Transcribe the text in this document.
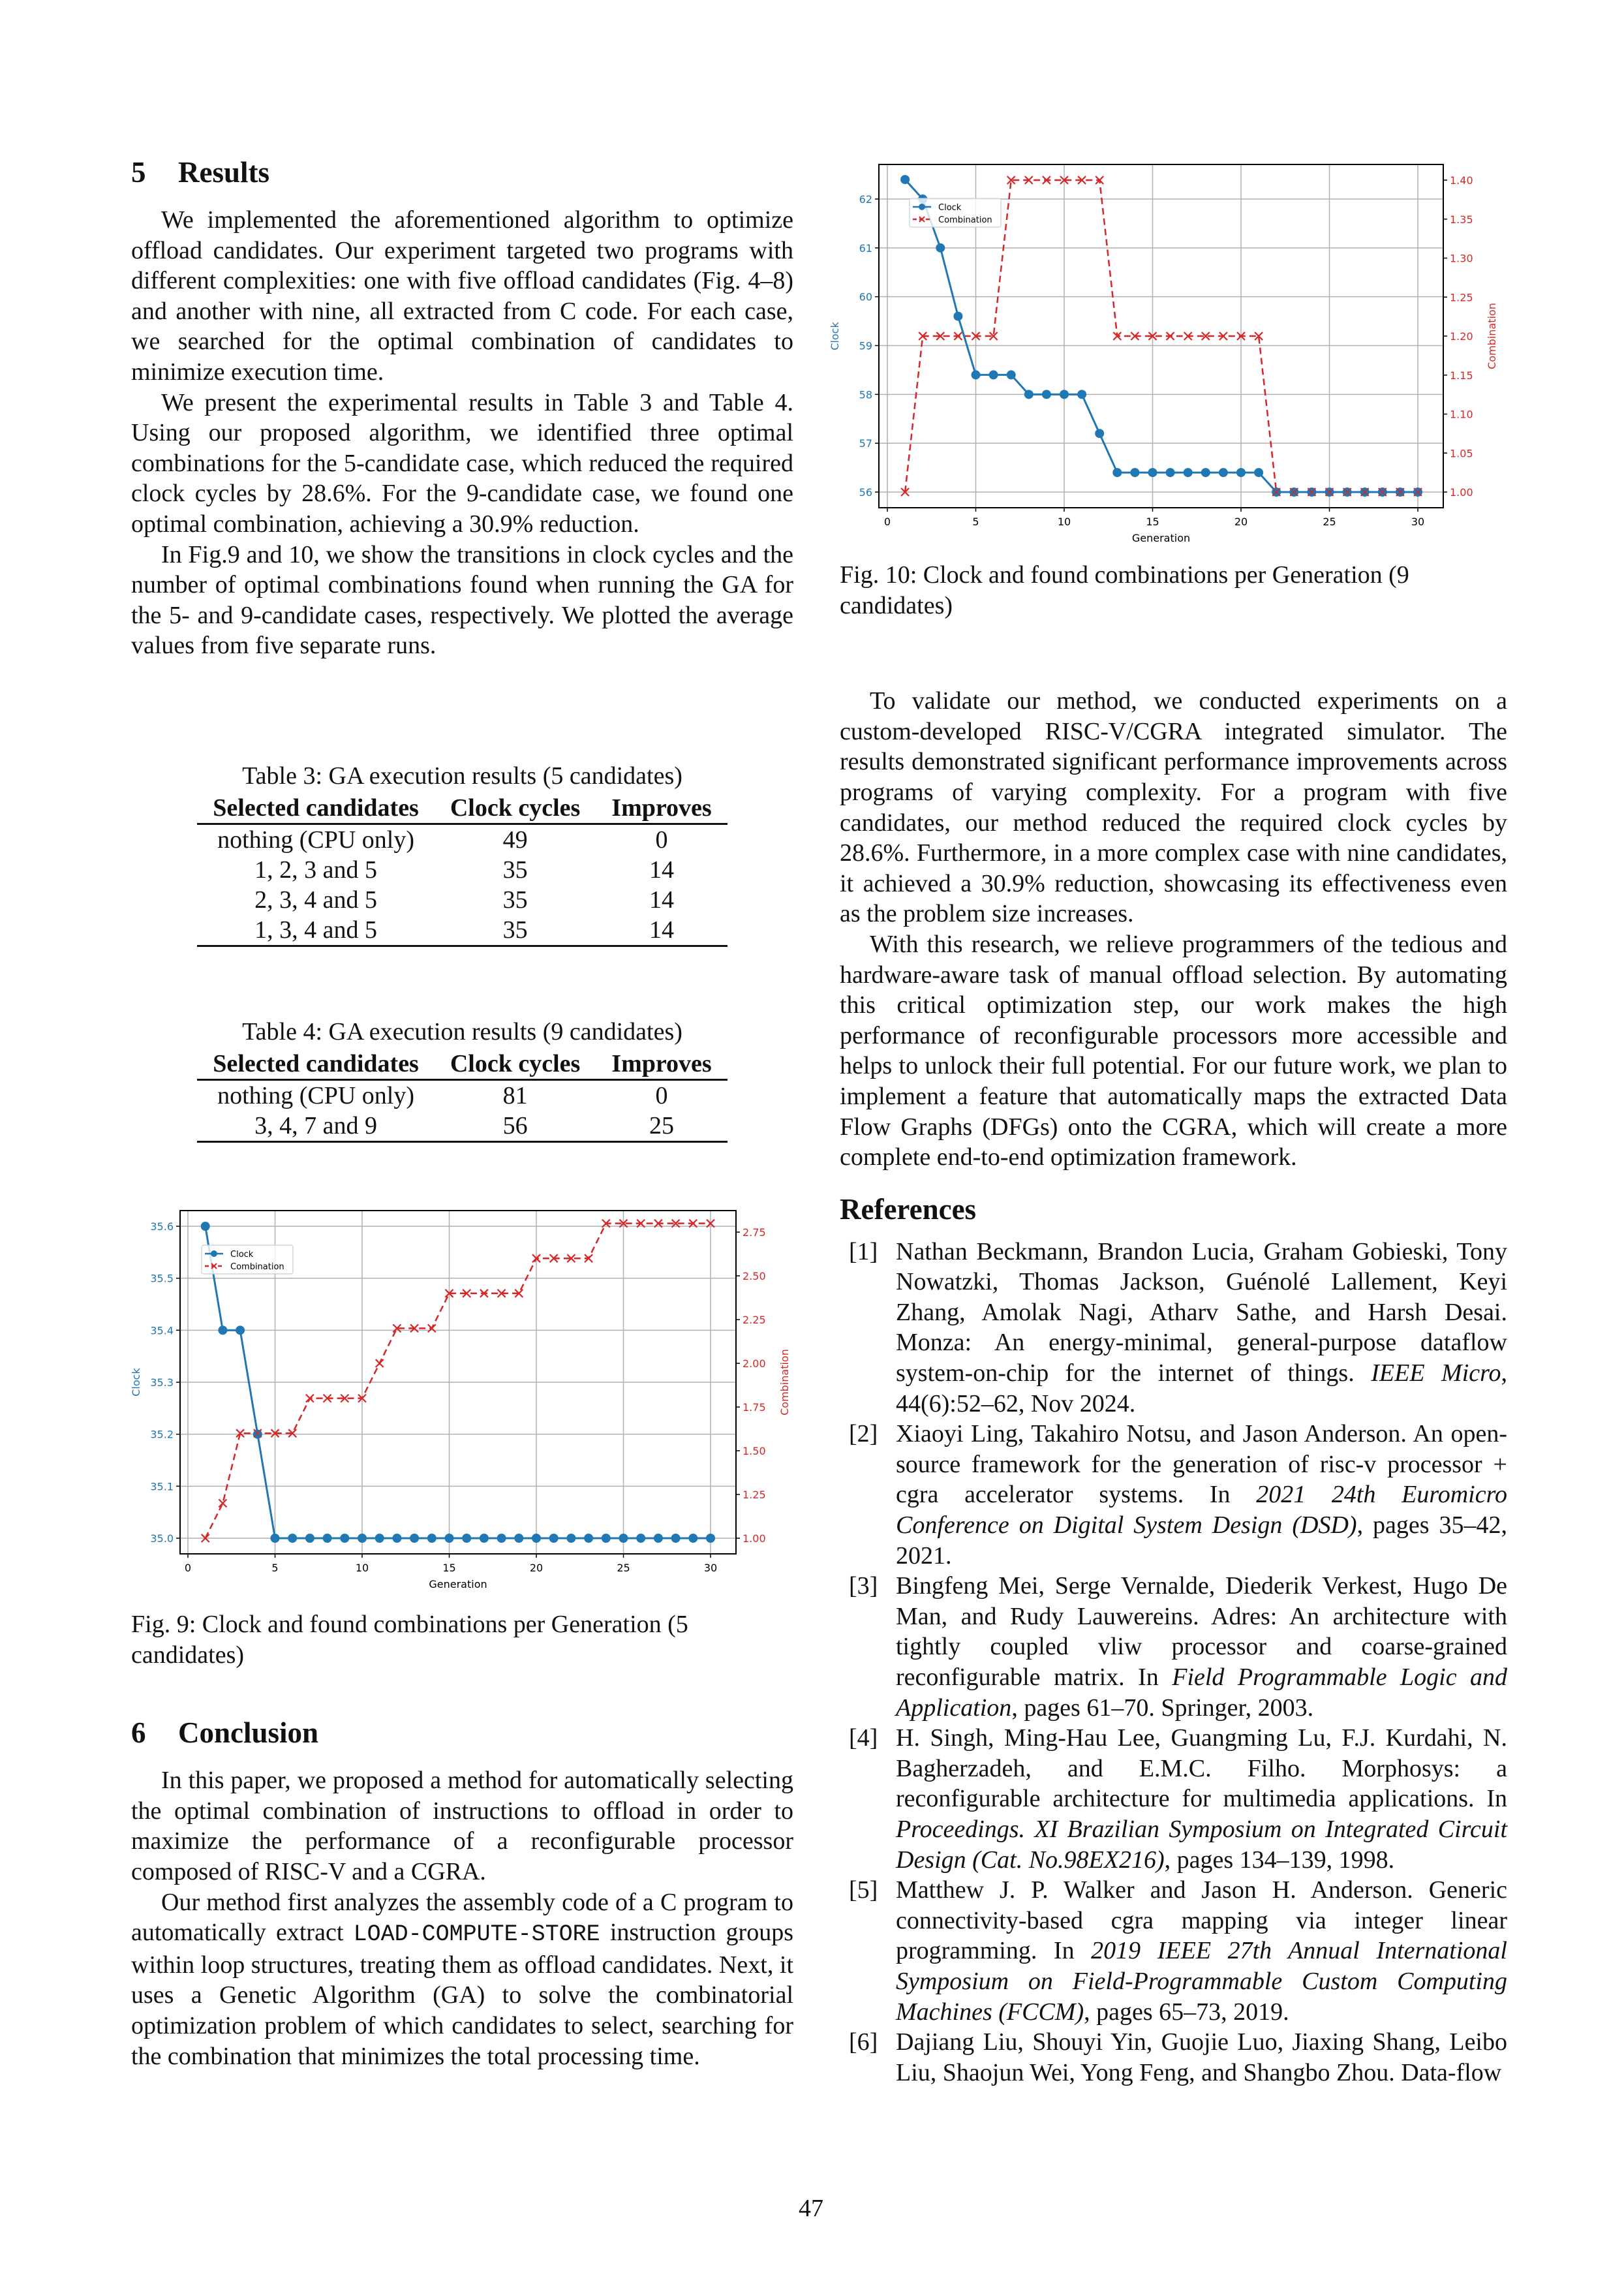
5 Results

We implemented the aforementioned algorithm to optimize offload candidates. Our experiment targeted two programs with different complexities: one with five offload candidates (Fig. 4–8) and another with nine, all extracted from C code. For each case, we searched for the optimal combination of candidates to minimize execution time.

We present the experimental results in Table 3 and Table 4. Using our proposed algorithm, we identified three optimal combinations for the 5-candidate case, which reduced the required clock cycles by 28.6%. For the 9-candidate case, we found one optimal combination, achieving a 30.9% reduction.

In Fig.9 and 10, we show the transitions in clock cycles and the number of optimal combinations found when running the GA for the 5- and 9-candidate cases, respectively. We plotted the average values from five separate runs.

Table 3: GA execution results (5 candidates)
Selected candidates	Clock cycles	Improves
nothing (CPU only)	49	0
1, 2, 3 and 5	35	14
2, 3, 4 and 5	35	14
1, 3, 4 and 5	35	14
Table 4: GA execution results (9 candidates)
Selected candidates	Clock cycles	Improves
nothing (CPU only)	81	0
3, 4, 7 and 9	56	25
0	5	10	15	20	25	30
Generation
35.0
35.1
35.2
35.3
35.4
35.5
35.6
Clock
1.00
1.25
1.50
1.75
2.00
2.25
2.50
2.75
Combination
Clock
Combination
Fig. 9: Clock and found combinations per Generation (5 candidates)
6 Conclusion

In this paper, we proposed a method for automatically selecting the optimal combination of instructions to offload in order to maximize the performance of a reconfigurable processor composed of RISC-V and a CGRA.

Our method first analyzes the assembly code of a C program to automatically extract LOAD-COMPUTE-STORE instruction groups within loop structures, treating them as offload candidates. Next, it uses a Genetic Algorithm (GA) to solve the combinatorial optimization problem of which candidates to select, searching for the combination that minimizes the total processing time.

0	5	10	15	20	25	30
Generation
56
57
58
59
60
61
62
Clock
1.00
1.05
1.10
1.15
1.20
1.25
1.30
1.35
1.40
Combination
Clock
Combination
Fig. 10: Clock and found combinations per Generation (9 candidates)

To validate our method, we conducted experiments on a custom-developed RISC-V/CGRA integrated simulator. The results demonstrated significant performance improvements across programs of varying complexity. For a program with five candidates, our method reduced the required clock cycles by 28.6%. Furthermore, in a more complex case with nine candidates, it achieved a 30.9% reduction, showcasing its effectiveness even as the problem size increases.

With this research, we relieve programmers of the tedious and hardware-aware task of manual offload selection. By automating this critical optimization step, our work makes the high performance of reconfigurable processors more accessible and helps to unlock their full potential. For our future work, we plan to implement a feature that automatically maps the extracted Data Flow Graphs (DFGs) onto the CGRA, which will create a more complete end-to-end optimization framework.

References
[1] Nathan Beckmann, Brandon Lucia, Graham Gobieski, Tony Nowatzki, Thomas Jackson, Guénolé Lallement, Keyi Zhang, Amolak Nagi, Atharv Sathe, and Harsh Desai. Monza: An energy-minimal, general-purpose dataflow system-on-chip for the internet of things. IEEE Micro, 44(6):52–62, Nov 2024.
[2] Xiaoyi Ling, Takahiro Notsu, and Jason Anderson. An open-source framework for the generation of risc-v processor + cgra accelerator systems. In 2021 24th Euromicro Conference on Digital System Design (DSD), pages 35–42, 2021.
[3] Bingfeng Mei, Serge Vernalde, Diederik Verkest, Hugo De Man, and Rudy Lauwereins. Adres: An architecture with tightly coupled vliw processor and coarse-grained reconfigurable matrix. In Field Programmable Logic and Application, pages 61–70. Springer, 2003.
[4] H. Singh, Ming-Hau Lee, Guangming Lu, F.J. Kurdahi, N. Bagherzadeh, and E.M.C. Filho. Morphosys: a reconfigurable architecture for multimedia applications. In Proceedings. XI Brazilian Symposium on Integrated Circuit Design (Cat. No.98EX216), pages 134–139, 1998.
[5] Matthew J. P. Walker and Jason H. Anderson. Generic connectivity-based cgra mapping via integer linear programming. In 2019 IEEE 27th Annual International Symposium on Field-Programmable Custom Computing Machines (FCCM), pages 65–73, 2019.
[6] Dajiang Liu, Shouyi Yin, Guojie Luo, Jiaxing Shang, Leibo Liu, Shaojun Wei, Yong Feng, and Shangbo Zhou. Data-flow
47
